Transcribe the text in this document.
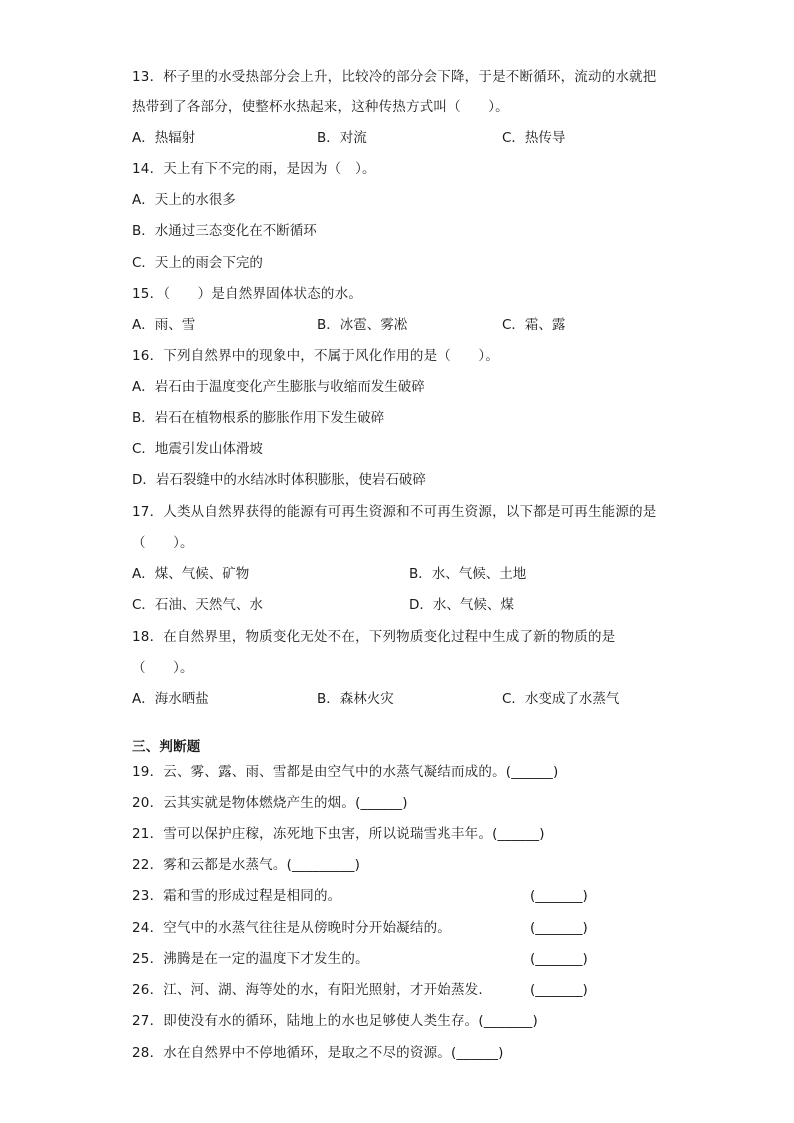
13．杯子里的水受热部分会上升，比较冷的部分会下降，于是不断循环，流动的水就把
热带到了各部分，使整杯水热起来，这种传热方式叫（　　）。
A．热辐射	B．对流	C．热传导
14．天上有下不完的雨，是因为（　）。
A．天上的水很多
B．水通过三态变化在不断循环
C．天上的雨会下完的
15．（　　）是自然界固体状态的水。
A．雨、雪	B．冰雹、雾凇	C．霜、露
16．下列自然界中的现象中，不属于风化作用的是（　　）。
A．岩石由于温度变化产生膨胀与收缩而发生破碎
B．岩石在植物根系的膨胀作用下发生破碎
C．地震引发山体滑坡
D．岩石裂缝中的水结冰时体积膨胀，使岩石破碎
17．人类从自然界获得的能源有可再生资源和不可再生资源，以下都是可再生能源的是
（　　）。
A．煤、气候、矿物	B．水、气候、土地
C．石油、天然气、水	D．水、气候、煤
18．在自然界里，物质变化无处不在，下列物质变化过程中生成了新的物质的是
（　　）。
A．海水晒盐	B．森林火灾	C．水变成了水蒸气
三、判断题
19．云、雾、露、雨、雪都是由空气中的水蒸气凝结而成的。(______)
20．云其实就是物体燃烧产生的烟。(______)
21．雪可以保护庄稼，冻死地下虫害，所以说瑞雪兆丰年。(______)
22．雾和云都是水蒸气。(_________)
23．霜和雪的形成过程是相同的。	(_______)
24．空气中的水蒸气往往是从傍晚时分开始凝结的。	(_______)
25．沸腾是在一定的温度下才发生的。	(_______)
26．江、河、湖、海等处的水，有阳光照射，才开始蒸发.	(_______)
27．即使没有水的循环，陆地上的水也足够使人类生存。(_______)
28．水在自然界中不停地循环，是取之不尽的资源。(______)
